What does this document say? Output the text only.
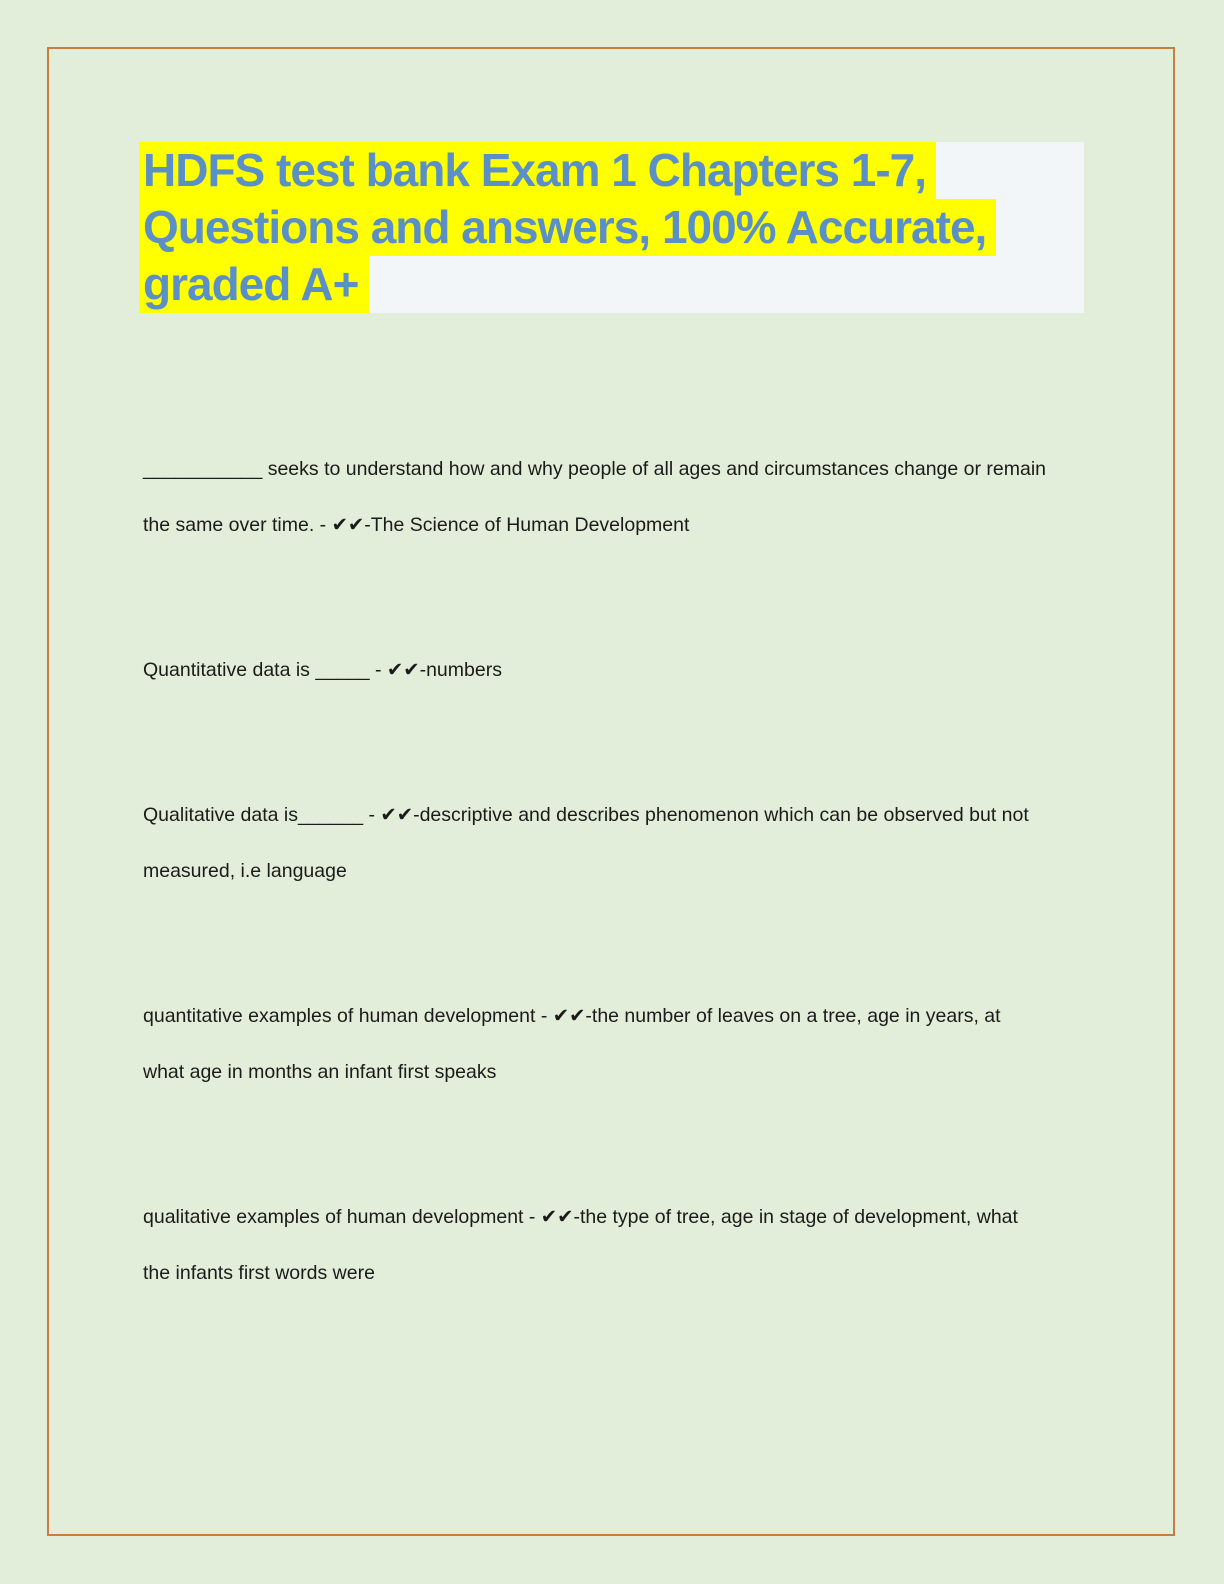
HDFS test bank Exam 1 Chapters 1-7,
Questions and answers, 100% Accurate,
graded A+
___________ seeks to understand how and why people of all ages and circumstances change or remain
the same over time. - ✔✔-The Science of Human Development
Quantitative data is _____ - ✔✔-numbers
Qualitative data is______ - ✔✔-descriptive and describes phenomenon which can be observed but not
measured, i.e language
quantitative examples of human development - ✔✔-the number of leaves on a tree, age in years, at
what age in months an infant first speaks
qualitative examples of human development - ✔✔-the type of tree, age in stage of development, what
the infants first words were
